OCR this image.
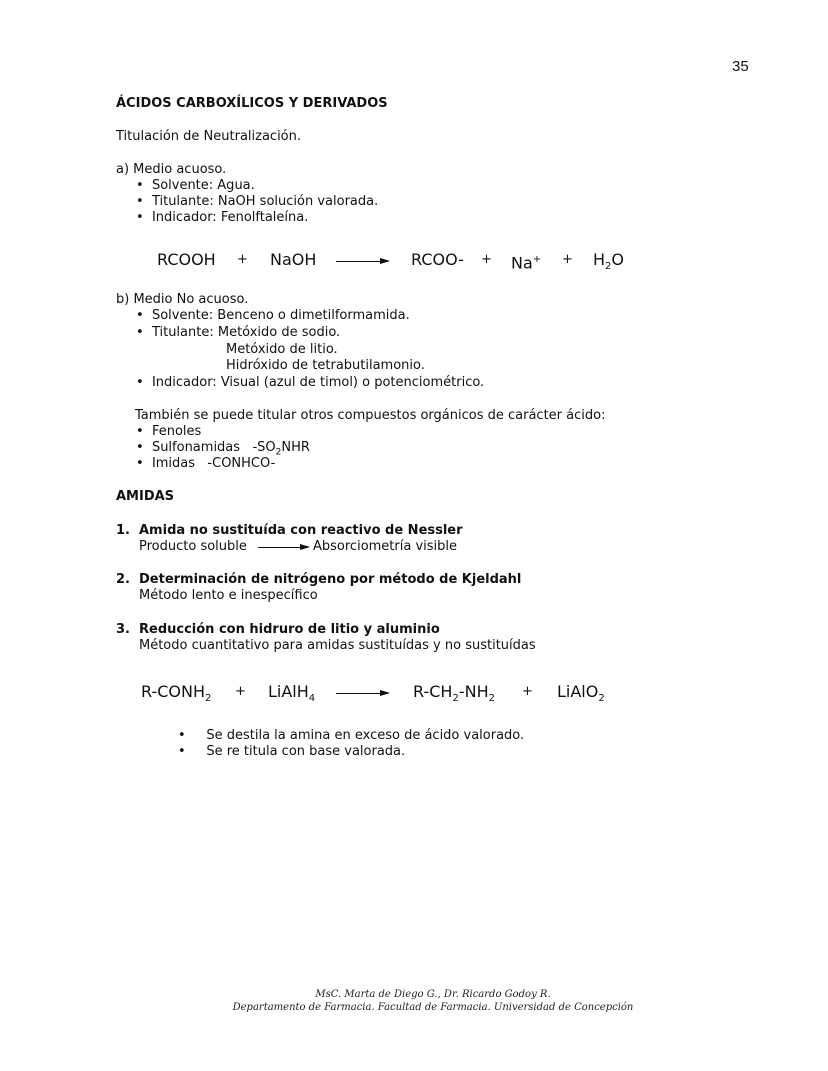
35
ÁCIDOS CARBOXÍLICOS Y DERIVADOS
Titulación de Neutralización.
a) Medio acuoso.
•  Solvente: Agua.
•  Titulante: NaOH solución valorada.
•  Indicador: Fenolftaleína.
RCOOH + NaOH → RCOO- + $Na^+ + H_2O$
b) Medio No acuoso.
•  Solvente: Benceno o dimetilformamida.
•  Titulante: Metóxido de sodio.
Metóxido de litio.
Hidróxido de tetrabutilamonio.
•  Indicador: Visual (azul de timol) o potenciométrico.
También se puede titular otros compuestos orgánicos de carácter ácido:
•  Fenoles
•  Sulfonamidas   $-SO_2NHR$
•  Imidas   -CONHCO-
AMIDAS
1. Amida no sustituída con reactivo de Nessler
Producto soluble	Absorciometría visible
2. Determinación de nitrógeno por método de Kjeldahl
Método lento e inespecífico
3. Reducción con hidruro de litio y aluminio
Método cuantitativo para amidas sustituídas y no sustituídas
$R-CONH_2$ + LiAlH$_4$ → $R-CH_2-NH_2$ + LiAlO$_2$
•     Se destila la amina en exceso de ácido valorado.
•     Se re titula con base valorada.
MsC. Marta de Diego G., Dr. Ricardo Godoy R.
Departamento de Farmacia. Facultad de Farmacia. Universidad de Concepción
